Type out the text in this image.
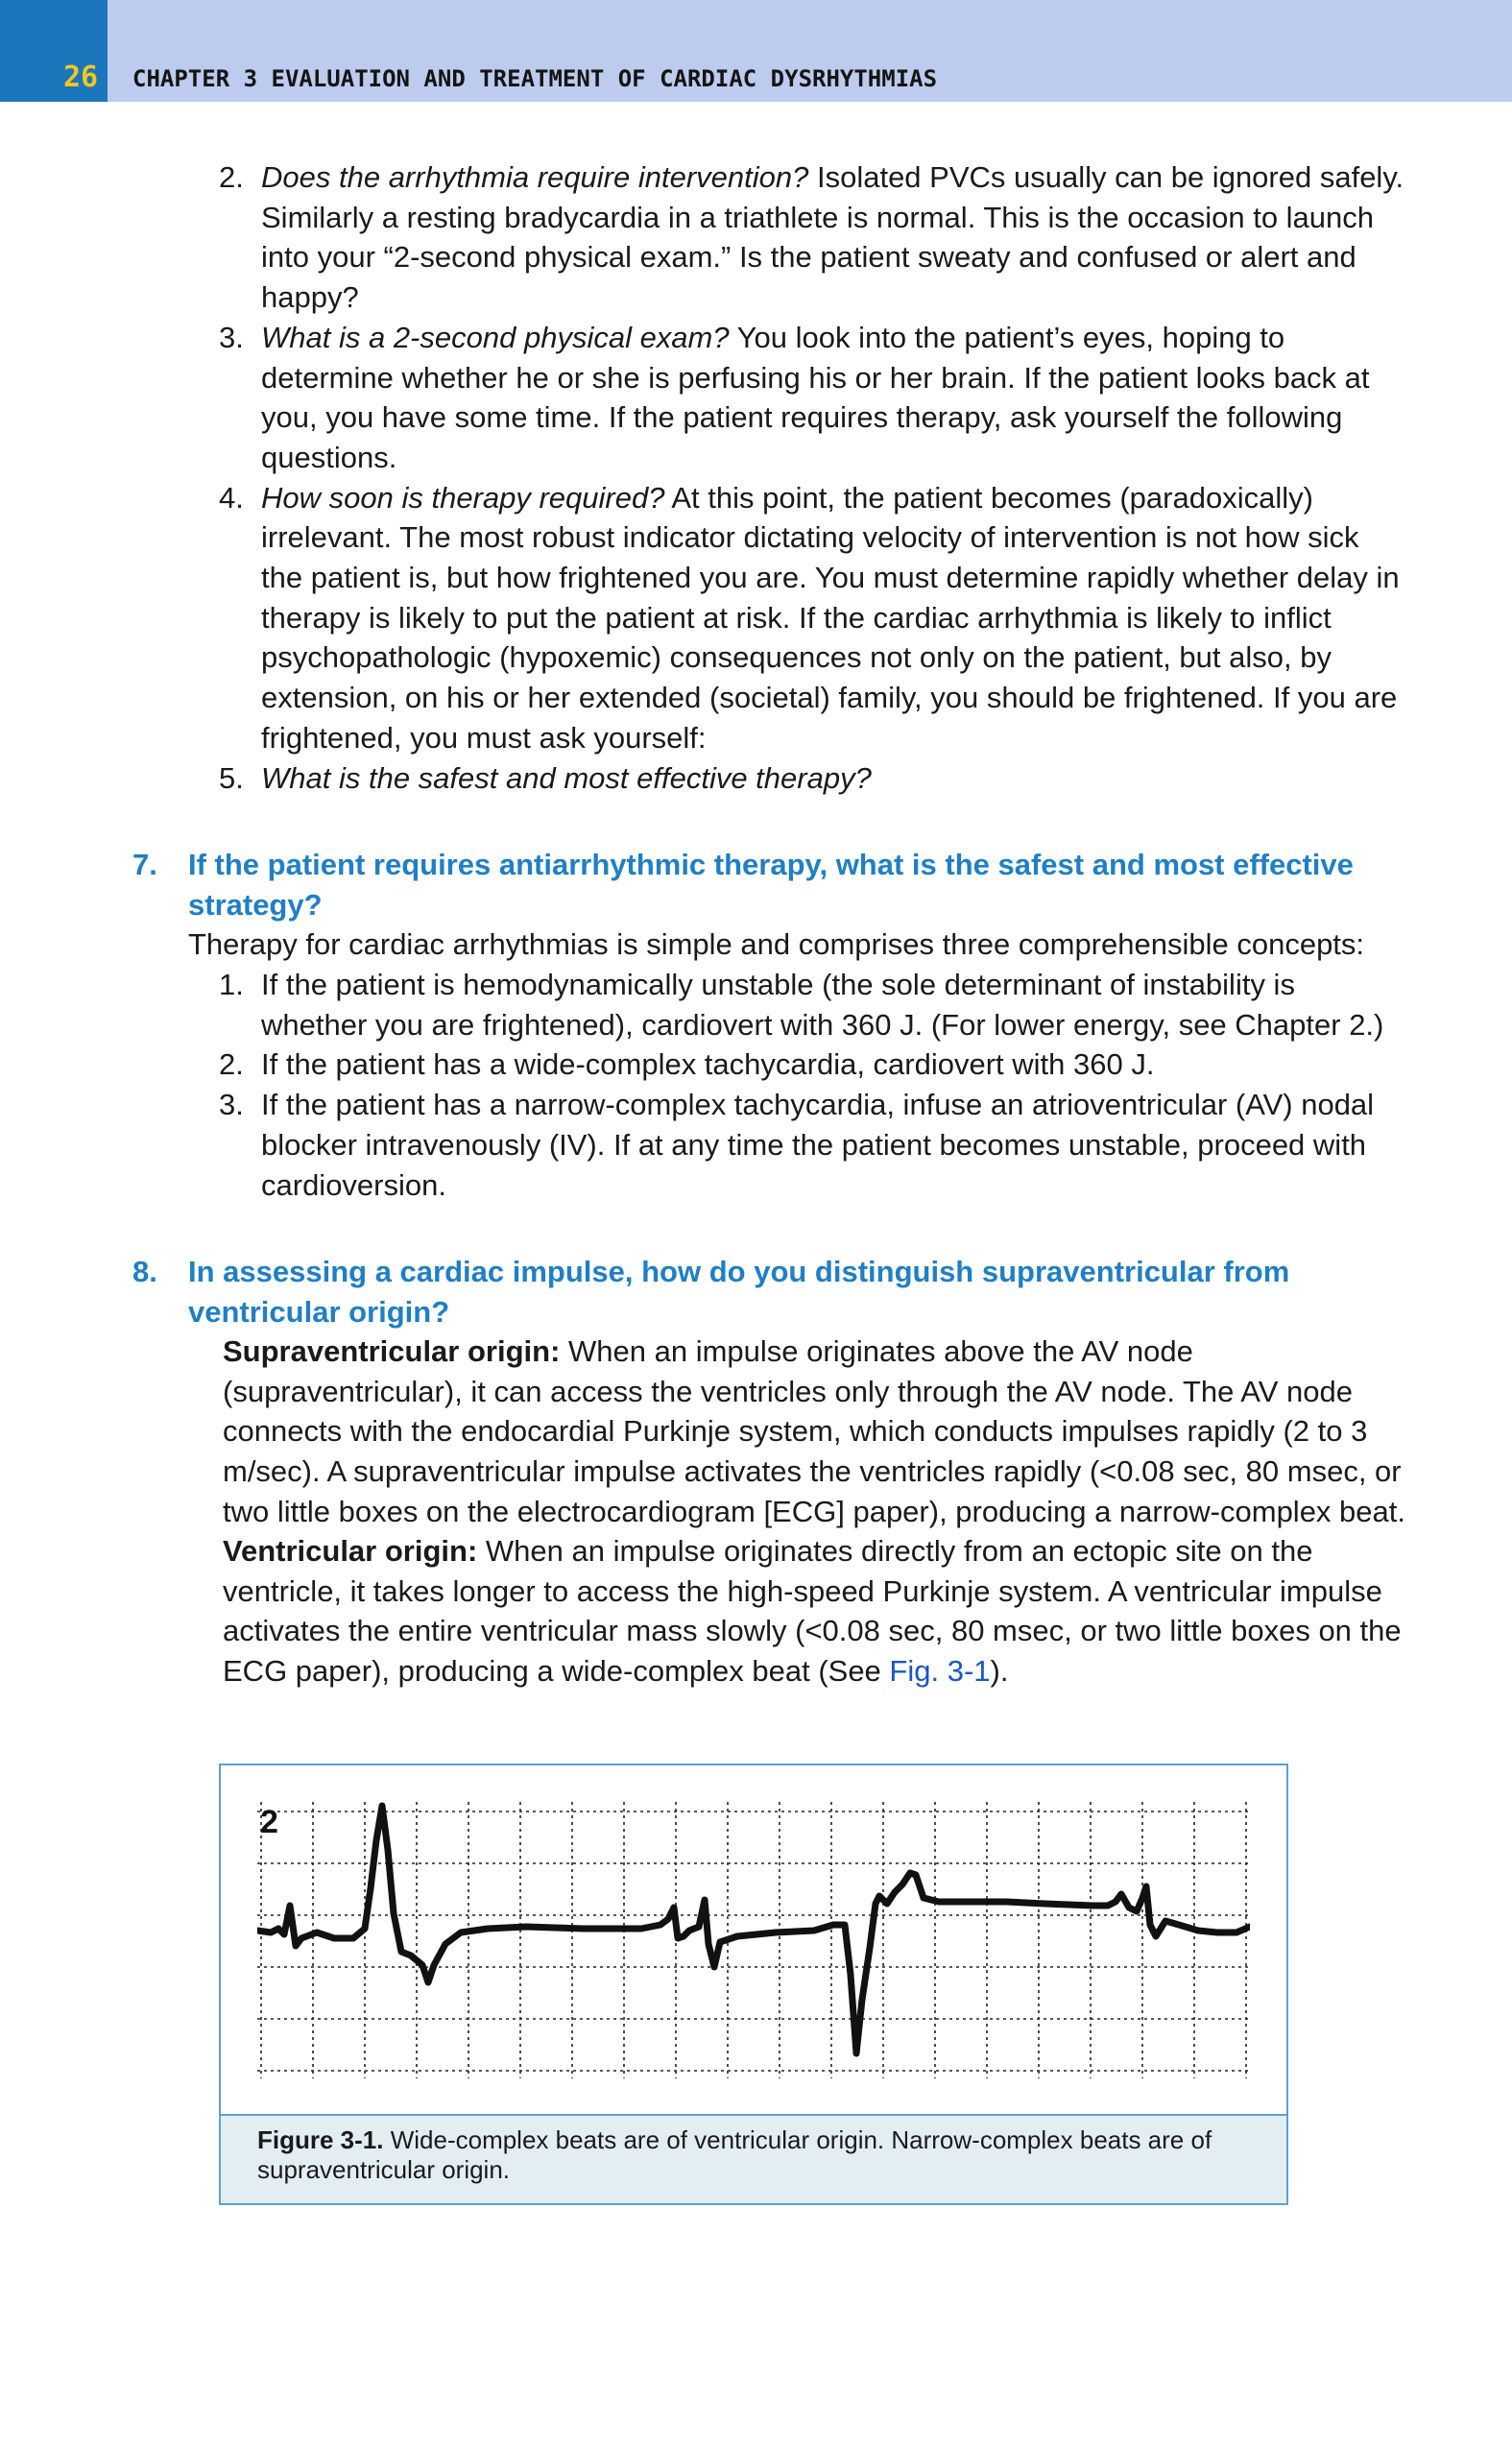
26 CHAPTER 3 EVALUATION AND TREATMENT OF CARDIAC DYSRHYTHMIAS
2. Does the arrhythmia require intervention? Isolated PVCs usually can be ignored safely. Similarly a resting bradycardia in a triathlete is normal. This is the occasion to launch into your “2-second physical exam.” Is the patient sweaty and confused or alert and happy?
3. What is a 2-second physical exam? You look into the patient’s eyes, hoping to determine whether he or she is perfusing his or her brain. If the patient looks back at you, you have some time. If the patient requires therapy, ask yourself the following questions.
4. How soon is therapy required? At this point, the patient becomes (paradoxically) irrelevant. The most robust indicator dictating velocity of intervention is not how sick the patient is, but how frightened you are. You must determine rapidly whether delay in therapy is likely to put the patient at risk. If the cardiac arrhythmia is likely to inflict psychopathologic (hypoxemic) consequences not only on the patient, but also, by extension, on his or her extended (societal) family, you should be frightened. If you are frightened, you must ask yourself:
5. What is the safest and most effective therapy?
7.	If the patient requires antiarrhythmic therapy, what is the safest and most effective strategy?
Therapy for cardiac arrhythmias is simple and comprises three comprehensible concepts:
1. If the patient is hemodynamically unstable (the sole determinant of instability is whether you are frightened), cardiovert with 360 J. (For lower energy, see Chapter 2.)
2. If the patient has a wide-complex tachycardia, cardiovert with 360 J.
3. If the patient has a narrow-complex tachycardia, infuse an atrioventricular (AV) nodal blocker intravenously (IV). If at any time the patient becomes unstable, proceed with cardioversion.
8.	In assessing a cardiac impulse, how do you distinguish supraventricular from ventricular origin?
Supraventricular origin: When an impulse originates above the AV node (supraventricular), it can access the ventricles only through the AV node. The AV node connects with the endocardial Purkinje system, which conducts impulses rapidly (2 to 3 m/sec). A supraventricular impulse activates the ventricles rapidly (<0.08 sec, 80 msec, or two little boxes on the electrocardiogram [ECG] paper), producing a narrow-complex beat.
Ventricular origin: When an impulse originates directly from an ectopic site on the ventricle, it takes longer to access the high-speed Purkinje system. A ventricular impulse activates the entire ventricular mass slowly (<0.08 sec, 80 msec, or two little boxes on the ECG paper), producing a wide-complex beat (See Fig. 3-1).
2
Figure 3-1. Wide-complex beats are of ventricular origin. Narrow-complex beats are of supraventricular origin.
